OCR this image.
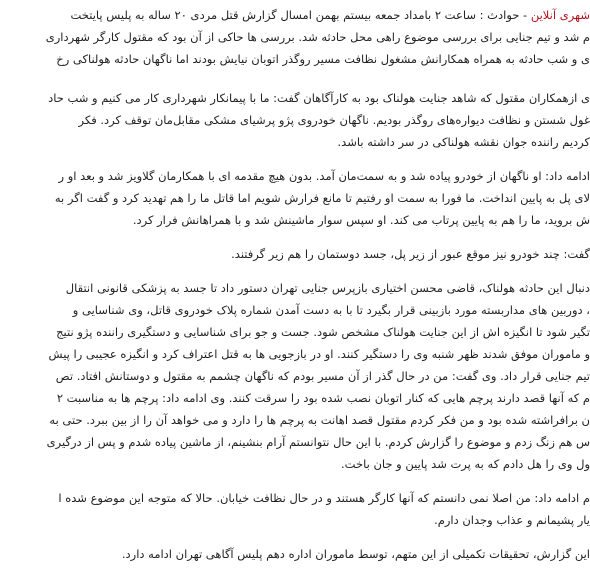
شهری آنلاین - حوادث : ساعت ۲ بامداد جمعه بیستم بهمن امسال گزارش قتل مردی ۲۰ ساله به پلیس پایتخت
م شد و تیم جنایی برای بررسی موضوع راهی محل حادثه شد. بررسی ها حاکی از آن بود که مقتول کارگر شهرداری
ی و شب حادثه به همراه همکارانش مشغول نظافت مسیر روگذر اتوبان نیایش بودند اما ناگهان حادثه هولناکی رخ
ی ازهمکاران مقتول که شاهد جنایت هولناک بود به کارآگاهان گفت: ما با پیمانکار شهرداری کار می کنیم و شب حاد
غول شستن و نظافت دیواره‌های روگذر بودیم. ناگهان خودروی پژو پرشیای مشکی مقابل‌مان توقف کرد. فکر
کردیم راننده جوان نقشه هولناکی در سر داشته باشد.
ادامه داد: او ناگهان از خودرو پیاده شد و به سمت‌مان آمد. بدون هیچ مقدمه ای با همکارمان گلاویز شد و بعد او ر
لای پل به پایین انداخت. ما فورا به سمت او رفتیم تا مانع فرارش شویم اما قاتل ما را هم تهدید کرد و گفت اگر به
ش بروید، ما را هم به پایین پرتاب می کند. او سپس سوار ماشینش شد و با همراهانش فرار کرد.
گفت: چند خودرو نیز موقع عبور از زیر پل، جسد دوستمان را هم زیر گرفتند.
دنبال این حادثه هولناک، قاضی محسن اختیاری بازپرس جنایی تهران دستور داد تا جسد به پزشکی قانونی انتقال
، دوربین های مداربسته مورد بازبینی قرار بگیرد تا با به دست آمدن شماره پلاک خودروی قاتل، وی شناسایی و
تگیر شود تا انگیزه اش از این جنایت هولناک مشخص شود. جست و جو برای شناسایی و دستگیری راننده پژو نتیج
و ماموران موفق شدند ظهر شنبه وی را دستگیر کنند. او در بازجویی ها به قتل اعتراف کرد و انگیزه عجیبی را پیش
تیم جنایی قرار داد. وی گفت: من در حال گذر از آن مسیر بودم که ناگهان چشمم به مقتول و دوستانش افتاد. تص
م که آنها قصد دارند پرچم هایی که کنار اتوبان نصب شده بود را سرقت کنند. وی ادامه داد: پرچم ها به مناسبت ۲
ن برافراشته شده بود و من فکر کردم مقتول قصد اهانت به پرچم ها را دارد و می خواهد آن را از بین ببرد. حتی به
س هم زنگ زدم و موضوع را گزارش کردم. با این حال نتوانستم آرام بنشینم، از ماشین پیاده شدم و پس از درگیری
ول وی را هل دادم که به پرت شد پایین و جان باخت.
م ادامه داد: من اصلا نمی دانستم که آنها کارگر هستند و در حال نظافت خیابان. حالا که متوجه این موضوع شده ا
یار پشیمانم و عذاب وجدان دارم.
این گزارش، تحقیقات تکمیلی از این متهم، توسط ماموران اداره دهم پلیس آگاهی تهران ادامه دارد.
